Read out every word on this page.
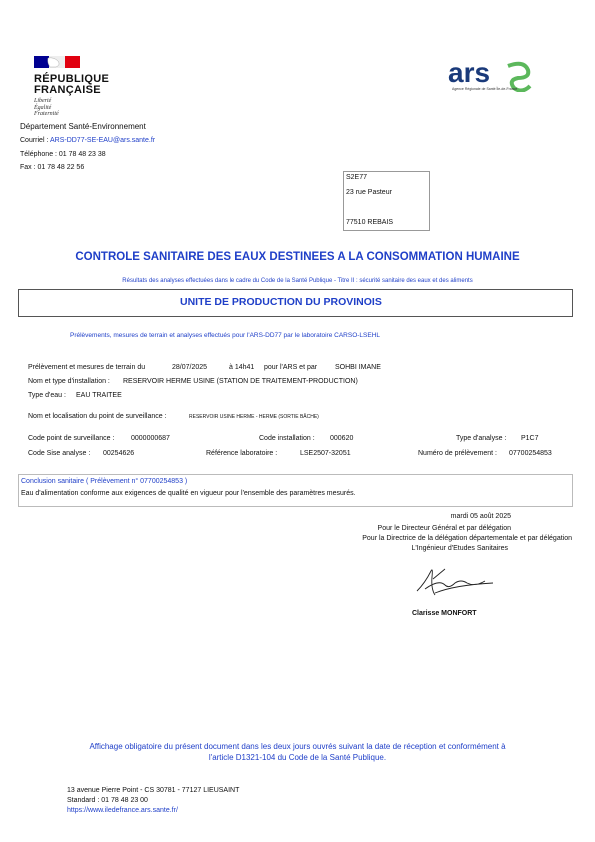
RÉPUBLIQUE
FRANÇAISE
Liberté
Égalité
Fraternité
ars
Agence Régionale de Santé Île-de-France
Département Santé-Environnement
Courriel : ARS-DD77-SE-EAU@ars.sante.fr
Téléphone : 01 78 48 23 38
Fax : 01 78 48 22 56
S2E77
23 rue Pasteur
77510 REBAIS
CONTROLE SANITAIRE DES EAUX DESTINEES A LA CONSOMMATION HUMAINE
Résultats des analyses effectuées dans le cadre du Code de la Santé Publique - Titre II : sécurité sanitaire des eaux et des aliments
UNITE DE PRODUCTION DU PROVINOIS
Prélèvements, mesures de terrain et analyses effectués pour l'ARS-DD77 par le laboratoire CARSO-LSEHL
Prélèvement et mesures de terrain du	28/07/2025	à 14h41 pour l'ARS et par	SOHBI IMANE
Nom et type d'installation : RESERVOIR HERME USINE (STATION DE TRAITEMENT-PRODUCTION)
Type d'eau : EAU TRAITEE
Nom et localisation du point de surveillance :	RESERVOIR USINE HERME - HERME (SORTIE BÂCHE)
Code point de surveillance : 0000000687	Code installation : 000620	Type d'analyse : P1C7
Code Sise analyse : 00254626	Référence laboratoire :	LSE2507-32051	Numéro de prélèvement : 07700254853
Conclusion sanitaire ( Prélèvement n° 07700254853 )
Eau d'alimentation conforme aux exigences de qualité en vigueur pour l'ensemble des paramètres mesurés.
mardi 05 août 2025
Pour le Directeur Général et par délégation
Pour la Directrice de la délégation départementale et par délégation
L'Ingénieur d'Etudes Sanitaires
Clarisse MONFORT
Affichage obligatoire du présent document dans les deux jours ouvrés suivant la date de réception et conformément à
l'article D1321-104 du Code de la Santé Publique.
13 avenue Pierre Point - CS 30781 - 77127 LIEUSAINT
Standard : 01 78 48 23 00
https://www.iledefrance.ars.sante.fr/
